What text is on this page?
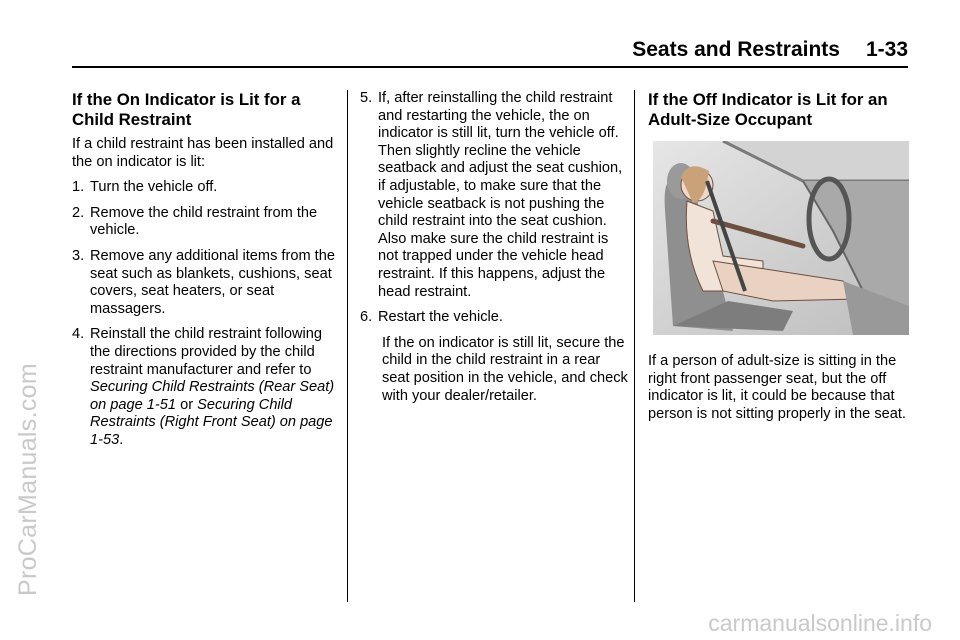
Seats and Restraints 1-33
If the On Indicator is Lit for a Child Restraint

If a child restraint has been installed and the on indicator is lit:

1. Turn the vehicle off.
2. Remove the child restraint from the vehicle.
3. Remove any additional items from the seat such as blankets, cushions, seat covers, seat heaters, or seat massagers.
4. Reinstall the child restraint following the directions provided by the child restraint manufacturer and refer to Securing Child Restraints (Rear Seat) on page 1-51 or Securing Child Restraints (Right Front Seat) on page 1-53.
5. If, after reinstalling the child restraint and restarting the vehicle, the on indicator is still lit, turn the vehicle off. Then slightly recline the vehicle seatback and adjust the seat cushion, if adjustable, to make sure that the vehicle seatback is not pushing the child restraint into the seat cushion. Also make sure the child restraint is not trapped under the vehicle head restraint. If this happens, adjust the head restraint.
6. Restart the vehicle.

If the on indicator is still lit, secure the child in the child restraint in a rear seat position in the vehicle, and check with your dealer/retailer.

If the Off Indicator is Lit for an Adult-Size Occupant

If a person of adult-size is sitting in the right front passenger seat, but the off indicator is lit, it could be because that person is not sitting properly in the seat.

ProCarManuals.com
carmanualsonline.info
